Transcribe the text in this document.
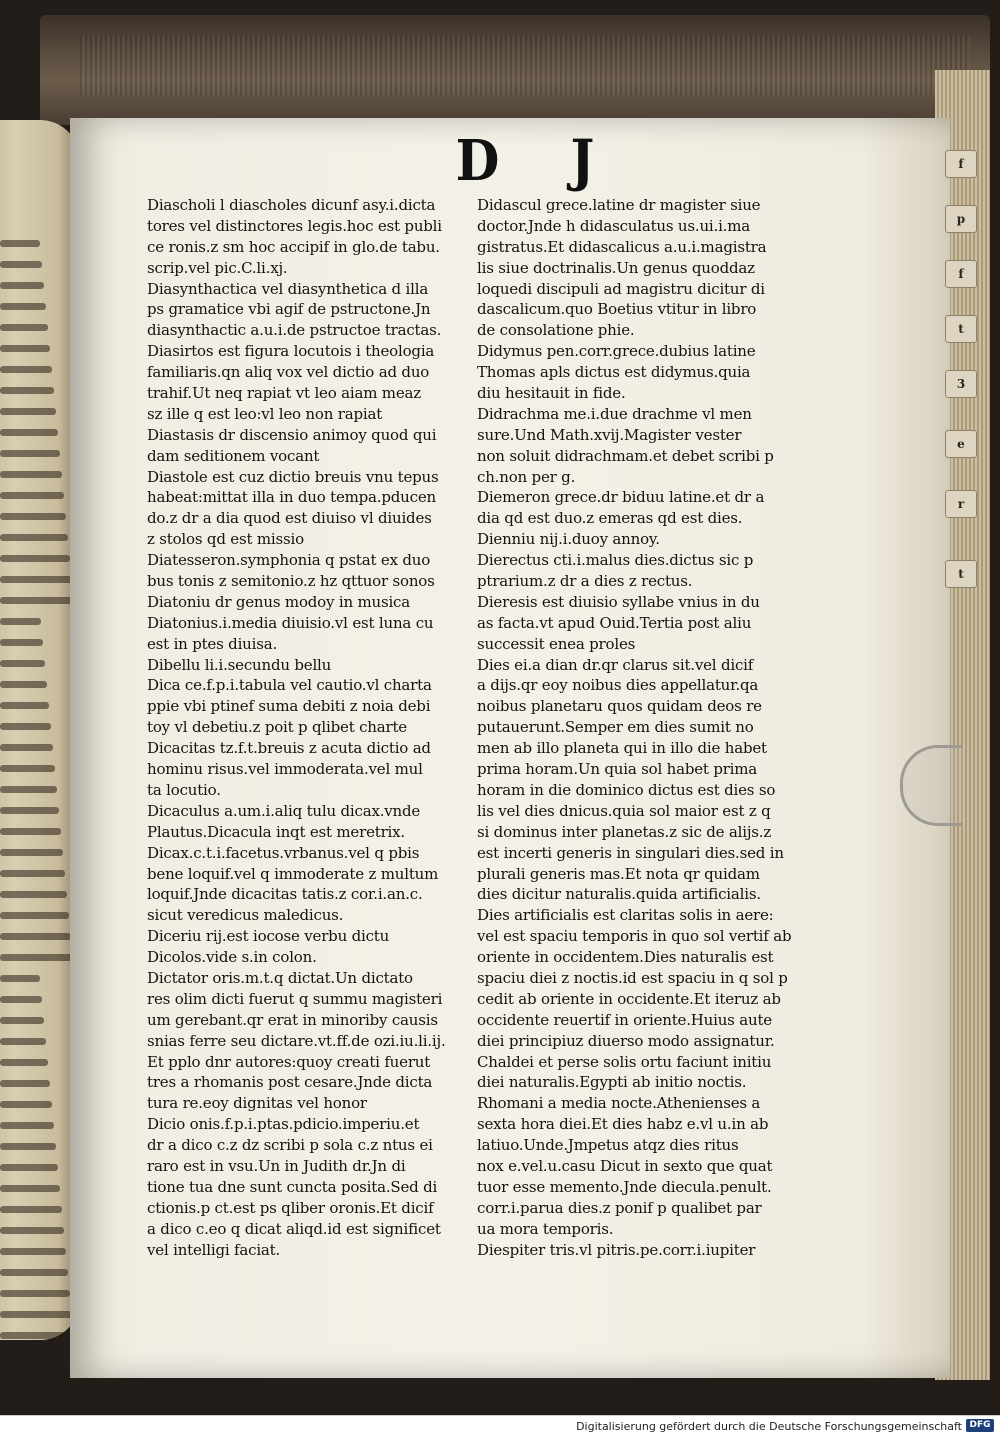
f
p
f
t
3
e
r
t
D J
Diascholi l diascholes dicunf asy.i.dicta
tores vel distinctores legis.hoc est publi
ce ronis.z sm hoc accipif in glo.de tabu.
scrip.vel pic.C.li.xj.
Diasynthactica vel diasynthetica d illa
ps gramatice vbi agif de pstructone.Jn
diasynthactic a.u.i.de pstructoe tractas.
Diasirtos est figura locutois i theologia
familiaris.qn aliq vox vel dictio ad duo
trahif.Ut neq rapiat vt leo aiam meaz
sz ille q est leo:vl leo non rapiat
Diastasis dr discensio animoy quod qui
dam seditionem vocant
Diastole est cuz dictio breuis vnu tepus
habeat:mittat illa in duo tempa.pducen
do.z dr a dia quod est diuiso vl diuides
z stolos qd est missio
Diatesseron.symphonia q pstat ex duo
bus tonis z semitonio.z hz qttuor sonos
Diatoniu dr genus modoy in musica
Diatonius.i.media diuisio.vl est luna cu
est in ptes diuisa.
Dibellu li.i.secundu bellu
Dica ce.f.p.i.tabula vel cautio.vl charta
ppie vbi ptinef suma debiti z noia debi
toy vl debetiu.z poit p qlibet charte
Dicacitas tz.f.t.breuis z acuta dictio ad
hominu risus.vel immoderata.vel mul
ta locutio.
Dicaculus a.um.i.aliq tulu dicax.vnde
Plautus.Dicacula inqt est meretrix.
Dicax.c.t.i.facetus.vrbanus.vel q pbis
bene loquif.vel q immoderate z multum
loquif.Jnde dicacitas tatis.z cor.i.an.c.
sicut veredicus maledicus.
Diceriu rij.est iocose verbu dictu
Dicolos.vide s.in colon.
Dictator oris.m.t.q dictat.Un dictato
res olim dicti fuerut q summu magisteri
um gerebant.qr erat in minoriby causis
snias ferre seu dictare.vt.ff.de ozi.iu.li.ij.
Et pplo dnr autores:quoy creati fuerut
tres a rhomanis post cesare.Jnde dicta
tura re.eoy dignitas vel honor
Dicio onis.f.p.i.ptas.pdicio.imperiu.et
dr a dico c.z dz scribi p sola c.z ntus ei
raro est in vsu.Un in Judith dr.Jn di
tione tua dne sunt cuncta posita.Sed di
ctionis.p ct.est ps qliber oronis.Et dicif
a dico c.eo q dicat aliqd.id est significet
vel intelligi faciat.
Didascul grece.latine dr magister siue
doctor.Jnde h didasculatus us.ui.i.ma
gistratus.Et didascalicus a.u.i.magistra
lis siue doctrinalis.Un genus quoddaz
loquedi discipuli ad magistru dicitur di
dascalicum.quo Boetius vtitur in libro
de consolatione phie.
Didymus pen.corr.grece.dubius latine
Thomas apls dictus est didymus.quia
diu hesitauit in fide.
Didrachma me.i.due drachme vl men
sure.Und Math.xvij.Magister vester
non soluit didrachmam.et debet scribi p
ch.non per g.
Diemeron grece.dr biduu latine.et dr a
dia qd est duo.z emeras qd est dies.
Dienniu nij.i.duoy annoy.
Dierectus cti.i.malus dies.dictus sic p
ptrarium.z dr a dies z rectus.
Dieresis est diuisio syllabe vnius in du
as facta.vt apud Ouid.Tertia post aliu
successit enea proles
Dies ei.a dian dr.qr clarus sit.vel dicif
a dijs.qr eoy noibus dies appellatur.qa
noibus planetaru quos quidam deos re
putauerunt.Semper em dies sumit no
men ab illo planeta qui in illo die habet
prima horam.Un quia sol habet prima
horam in die dominico dictus est dies so
lis vel dies dnicus.quia sol maior est z q
si dominus inter planetas.z sic de alijs.z
est incerti generis in singulari dies.sed in
plurali generis mas.Et nota qr quidam
dies dicitur naturalis.quida artificialis.
Dies artificialis est claritas solis in aere:
vel est spaciu temporis in quo sol vertif ab
oriente in occidentem.Dies naturalis est
spaciu diei z noctis.id est spaciu in q sol p
cedit ab oriente in occidente.Et iteruz ab
occidente reuertif in oriente.Huius aute
diei principiuz diuerso modo assignatur.
Chaldei et perse solis ortu faciunt initiu
diei naturalis.Egypti ab initio noctis.
Rhomani a media nocte.Athenienses a
sexta hora diei.Et dies habz e.vl u.in ab
latiuo.Unde.Jmpetus atqz dies ritus
nox e.vel.u.casu Dicut in sexto que quat
tuor esse memento.Jnde diecula.penult.
corr.i.parua dies.z ponif p qualibet par
ua mora temporis.
Diespiter tris.vl pitris.pe.corr.i.iupiter
Digitalisierung gefördert durch die Deutsche Forschungsgemeinschaft DFG
